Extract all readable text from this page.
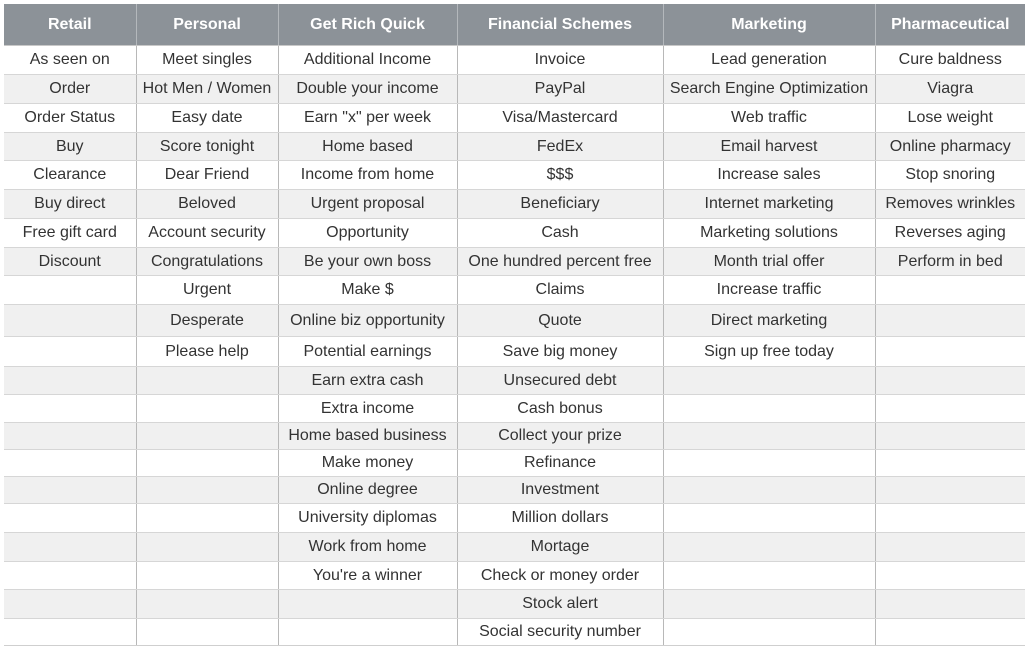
Retail	Personal	Get Rich Quick	Financial Schemes	Marketing	Pharmaceutical
As seen on	Meet singles	Additional Income	Invoice	Lead generation	Cure baldness
Order	Hot Men / Women	Double your income	PayPal	Search Engine Optimization	Viagra
Order Status	Easy date	Earn "x" per week	Visa/Mastercard	Web traffic	Lose weight
Buy	Score tonight	Home based	FedEx	Email harvest	Online pharmacy
Clearance	Dear Friend	Income from home	$$$	Increase sales	Stop snoring
Buy direct	Beloved	Urgent proposal	Beneficiary	Internet marketing	Removes wrinkles
Free gift card	Account security	Opportunity	Cash	Marketing solutions	Reverses aging
Discount	Congratulations	Be your own boss	One hundred percent free	Month trial offer	Perform in bed
	Urgent	Make $	Claims	Increase traffic	
	Desperate	Online biz opportunity	Quote	Direct marketing	
	Please help	Potential earnings	Save big money	Sign up free today	
		Earn extra cash	Unsecured debt		
		Extra income	Cash bonus		
		Home based business	Collect your prize		
		Make money	Refinance		
		Online degree	Investment		
		University diplomas	Million dollars		
		Work from home	Mortage		
		You're a winner	Check or money order		
			Stock alert		
			Social security number		
